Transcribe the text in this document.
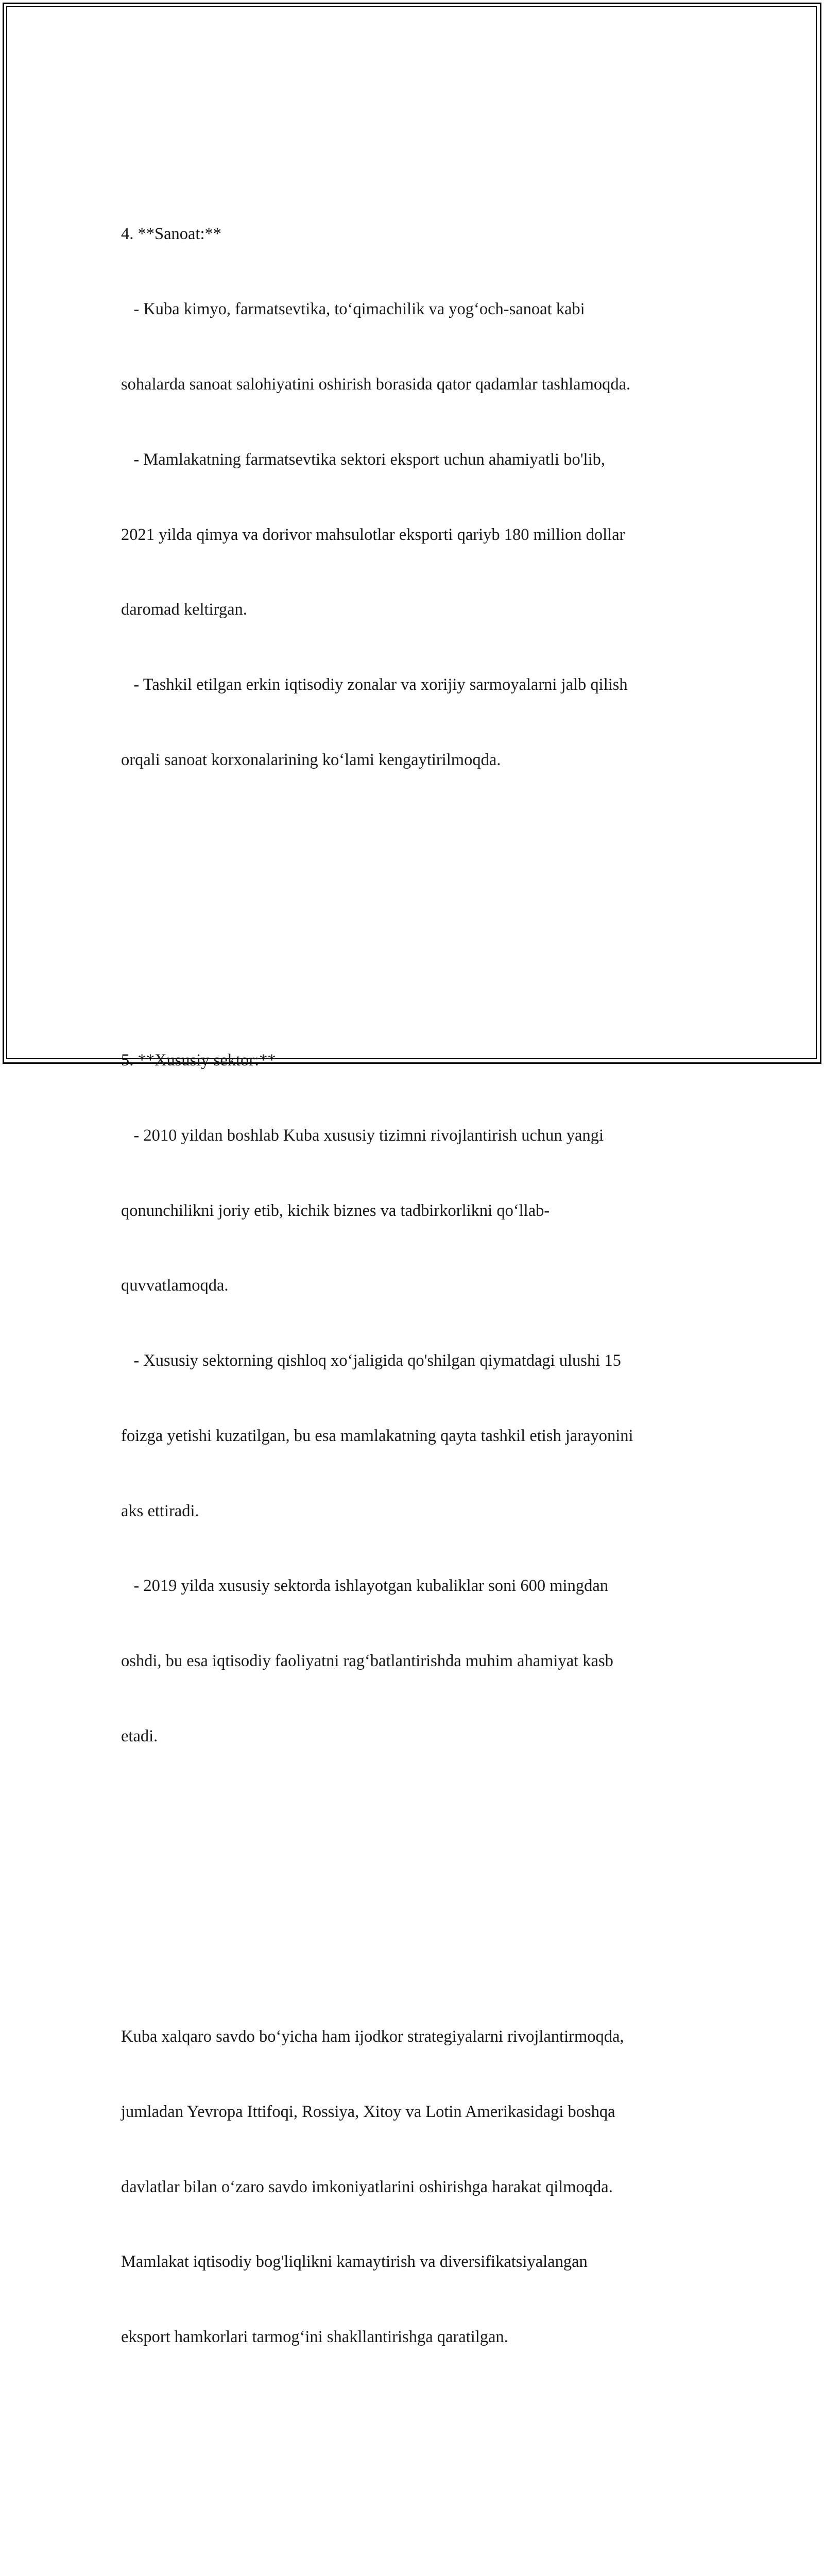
4. **Sanoat:**

- Kuba kimyo, farmatsevtika, to‘qimachilik va yog‘och-sanoat kabi

sohalarda sanoat salohiyatini oshirish borasida qator qadamlar tashlamoqda.

- Mamlakatning farmatsevtika sektori eksport uchun ahamiyatli bo'lib,

2021 yilda qimya va dorivor mahsulotlar eksporti qariyb 180 million dollar

daromad keltirgan.

- Tashkil etilgan erkin iqtisodiy zonalar va xorijiy sarmoyalarni jalb qilish

orqali sanoat korxonalarining ko‘lami kengaytirilmoqda.

5. **Xususiy sektor:**

- 2010 yildan boshlab Kuba xususiy tizimni rivojlantirish uchun yangi

qonunchilikni joriy etib, kichik biznes va tadbirkorlikni qo‘llab-

quvvatlamoqda.

- Xususiy sektorning qishloq xo‘jaligida qo'shilgan qiymatdagi ulushi 15

foizga yetishi kuzatilgan, bu esa mamlakatning qayta tashkil etish jarayonini

aks ettiradi.

- 2019 yilda xususiy sektorda ishlayotgan kubaliklar soni 600 mingdan

oshdi, bu esa iqtisodiy faoliyatni rag‘batlantirishda muhim ahamiyat kasb

etadi.

Kuba xalqaro savdo bo‘yicha ham ijodkor strategiyalarni rivojlantirmoqda,

jumladan Yevropa Ittifoqi, Rossiya, Xitoy va Lotin Amerikasidagi boshqa

davlatlar bilan o‘zaro savdo imkoniyatlarini oshirishga harakat qilmoqda.

Mamlakat iqtisodiy bog'liqlikni kamaytirish va diversifikatsiyalangan

eksport hamkorlari tarmog‘ini shakllantirishga qaratilgan.
